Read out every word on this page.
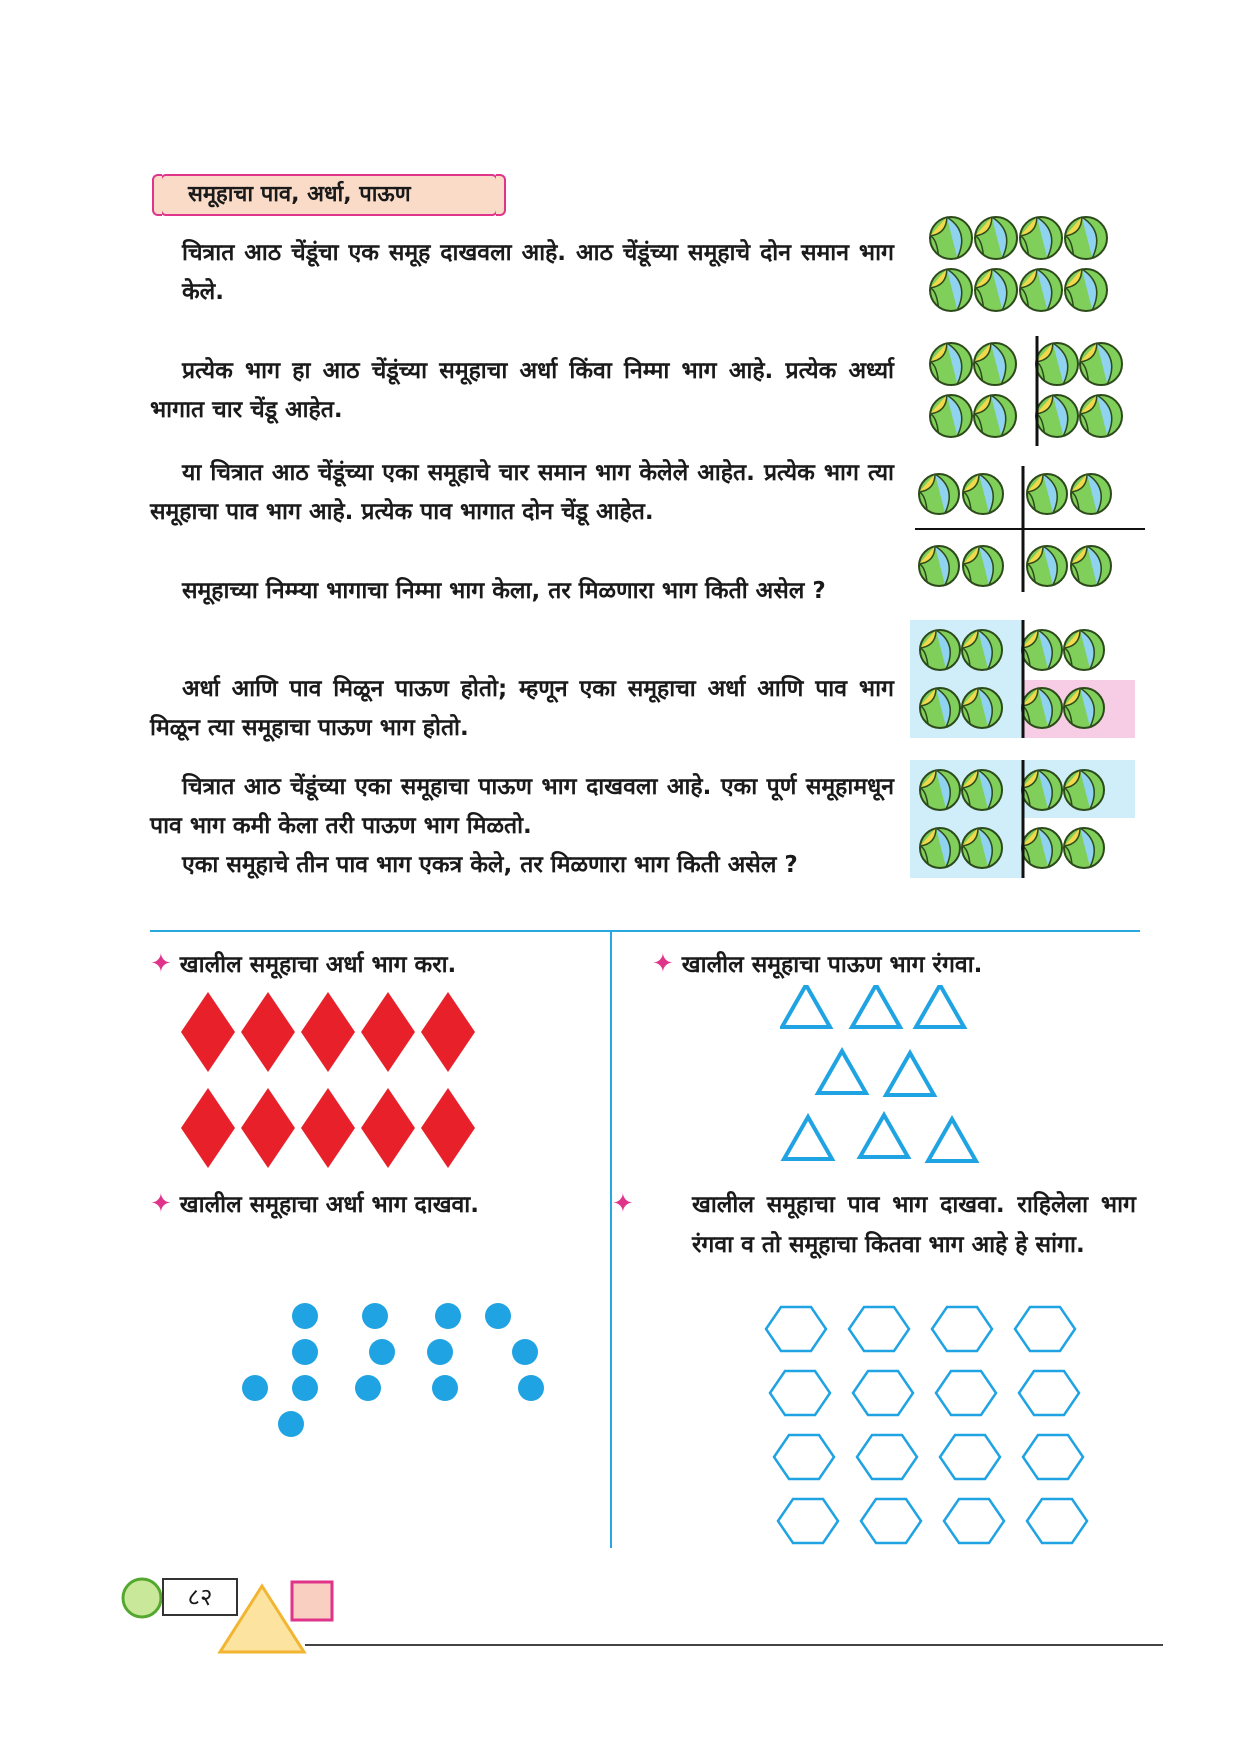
समूहाचा पाव, अर्धा, पाऊण

चित्रात आठ चेंडूंचा एक समूह दाखवला आहे. आठ चेंडूंच्या समूहाचे दोन समान भाग केले.

प्रत्येक भाग हा आठ चेंडूंच्या समूहाचा अर्धा किंवा निम्मा भाग आहे. प्रत्येक अर्ध्या भागात चार चेंडू आहेत.

या चित्रात आठ चेंडूंच्या एका समूहाचे चार समान भाग केलेले आहेत. प्रत्येक भाग त्या समूहाचा पाव भाग आहे. प्रत्येक पाव भागात दोन चेंडू आहेत.

समूहाच्या निम्म्या भागाचा निम्मा भाग केला, तर मिळणारा भाग किती असेल ?

अर्धा आणि पाव मिळून पाऊण होतो; म्हणून एका समूहाचा अर्धा आणि पाव भाग मिळून त्या समूहाचा पाऊण भाग होतो.

चित्रात आठ चेंडूंच्या एका समूहाचा पाऊण भाग दाखवला आहे. एका पूर्ण समूहामधून पाव भाग कमी केला तरी पाऊण भाग मिळतो.

एका समूहाचे तीन पाव भाग एकत्र केले, तर मिळणारा भाग किती असेल ?

✦ खालील समूहाचा अर्धा भाग करा.	✦ खालील समूहाचा पाऊण भाग रंगवा.

✦ खालील समूहाचा अर्धा भाग दाखवा.	✦	खालील समूहाचा पाव भाग दाखवा. राहिलेला भाग रंगवा व तो समूहाचा कितवा भाग आहे हे सांगा.

८२
